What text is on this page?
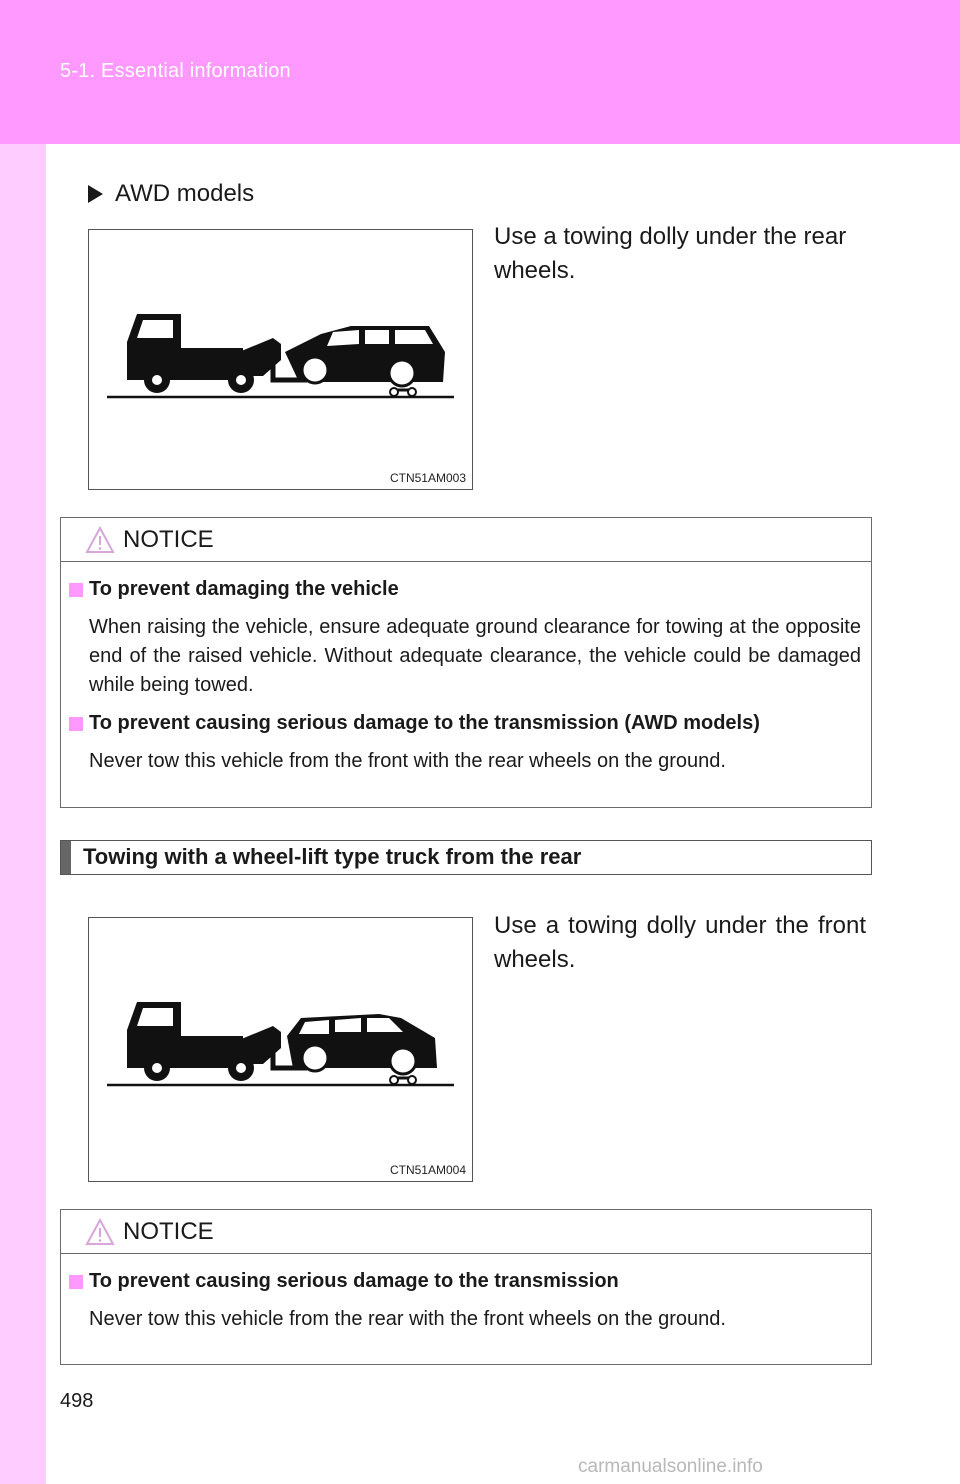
5-1. Essential information
AWD models
CTN51AM003
Use a towing dolly under the rear wheels.
NOTICE
To prevent damaging the vehicle
When raising the vehicle, ensure adequate ground clearance for towing at the opposite end of the raised vehicle. Without adequate clearance, the vehicle could be damaged while being towed.
To prevent causing serious damage to the transmission (AWD models)
Never tow this vehicle from the front with the rear wheels on the ground.
Towing with a wheel-lift type truck from the rear
CTN51AM004
Use a towing dolly under the front wheels.
NOTICE
To prevent causing serious damage to the transmission
Never tow this vehicle from the rear with the front wheels on the ground.
498
carmanualsonline.info
